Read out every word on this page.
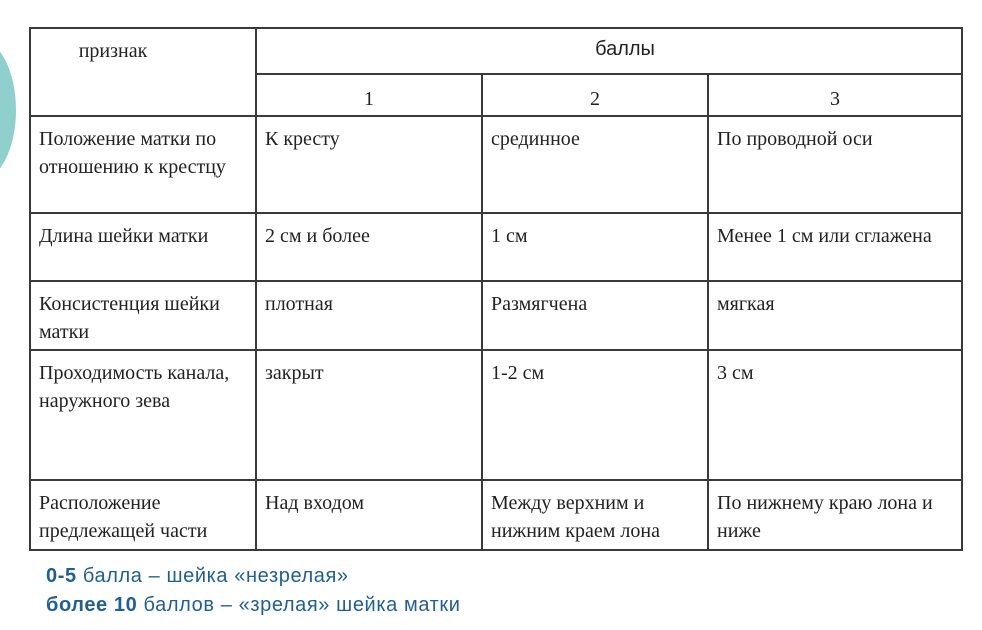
признак	баллы		
	1	2	3
Положение матки по отношению к крестцу	К кресту	срединное	По проводной оси
Длина шейки матки	2 см и более	1 см	Менее 1 см или сглажена
Консистенция шейки матки	плотная	Размягчена	мягкая
Проходимость канала, наружного зева	закрыт	1-2 см	3 см
Расположение предлежащей части	Над входом	Между верхним и нижним краем лона	По нижнему краю лона и ниже
0-5 балла – шейка «незрелая»
более 10 баллов – «зрелая» шейка матки
